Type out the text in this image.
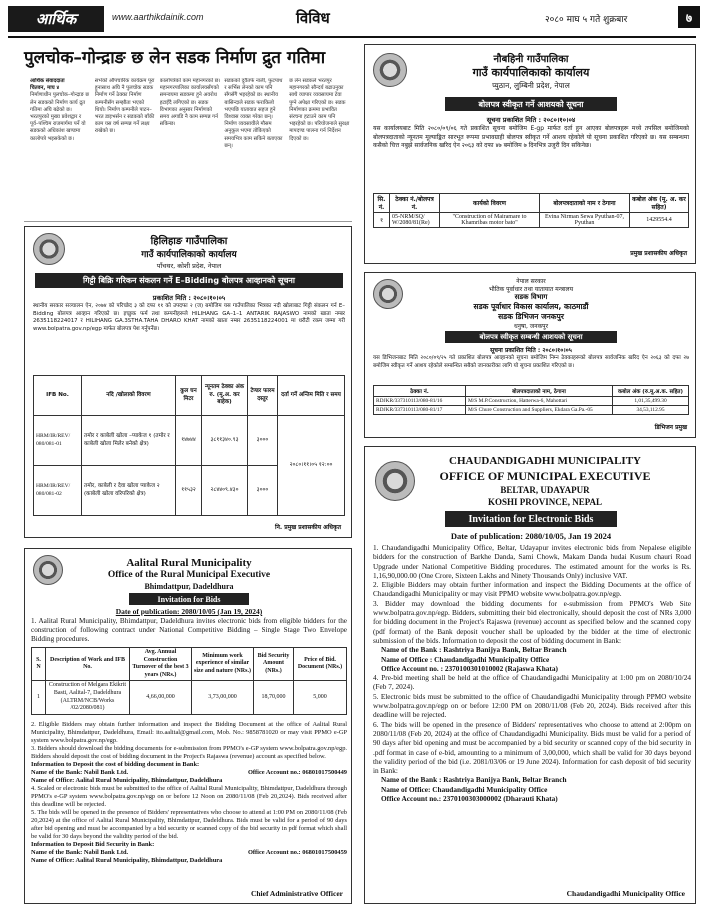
आर्थिक	www.aarthikdainik.com	विविध	२०८० माघ ५ गते शुक्रबार	७
पुलचोक–गोन्द्राङ छ लेन सडक निर्माण द्रुत गतिमा
आर्थिक संवाददाता
चितवन, माघ ४
निर्माणाधीन पुलचोक–गोन्द्राङ छ लेन सडकको निर्माण कार्य द्रुत गतिमा अघि बढेको छ। भरतपुरको मुख्य प्रवेशद्वार र पूर्व–पश्चिम राजमार्गमा पर्ने यो सडकको अधिकांश खण्डमा कालोपत्रे भइसकेको छ।
सर्भेको औपचारिक कार्यक्रम पूरा हुनासाथ अघि नै पुलचोक सडक निर्माण गर्ने ठेक्का निर्माण कम्पनीसँग सम्झौता भएको थियो। निर्माण कम्पनीले पाटन–भरत डाइभर्सन र सडकको बाँकी काम यस वर्ष सम्पन्न गर्ने लक्ष्य राखेको छ।
कालोपत्रेको काम महानगरको छ। महानगरपालिका कार्यालयसँगको समन्वयमा सडकमा हुने अवरोध हटाइँदै लगिएको छ। सडक विभागका अनुसार निर्माणको समय अगाडि नै काम सम्पन्न गर्न सकिन्छ।
सडकको दुवैतर्फ नाली, फुटपाथ र सर्भिस लेनको काम पनि सँगसँगै भइरहेको छ। स्थानीय बासिन्दाले सडक फराकिलो भएपछि यातायात सहज हुने विश्वास व्यक्त गरेका छन्। निर्माण व्यवसायीले मौसम अनुकूल भएमा तोकिएको समयभित्र काम सकिने बताएका छन्।
छ लेन सडकले भरतपुर महानगरको सौन्दर्य बढाउनुका साथै व्यापार व्यवसायमा टेवा पुग्ने अपेक्षा गरिएको छ। सडक निर्माणका क्रममा प्रभावित संरचना हटाउने काम पनि भइरहेको छ। परियोजनाले सुरक्षा मापदण्ड पालना गर्न निर्देशन दिएको छ।
नौबहिनी गाउँपालिका
गाउँ कार्यपालिकाको कार्यालय
प्युठान, लुम्बिनी प्रदेश, नेपाल
बोलपत्र स्वीकृत गर्ने आशयको सूचना
सूचना प्रकाशित मिति : २०८०।१०।०४
यस कार्यालयबाट मिति २०८०/०९/०६ गते प्रकाशित सूचना बमोजिम E-gp मार्फत दर्ता हुन आएका बोलपत्रहरू मध्ये तपसिल बमोजिमको बोलपत्रदाताको न्यूनतम मूल्याङ्कित सारभूत रूपमा प्रभावग्राही बोलपत्र स्वीकृत गर्ने आशय रहेकोले यो सूचना प्रकाशित गरिएको छ। यस सम्बन्धमा कसैको चित्त नबुझे सार्वजनिक खरिद ऐन २०६३ को दफा ४७ बमोजिम ७ दिनभित्र उजुरी दिन सकिनेछ।
सि. नं.	ठेक्का नं./बोलपत्र नं.	कार्यको विवरण	बोलपत्रदाताको नाम र ठेगाना	कबोल अंक (मू. अ. कर सहित)
१	05-NRM/SQ/ W/2080/81(Re)	"Construction of Mairamare to Khamribas motor bato"	Evina Nirman Sewa Pyuthan-07, Pyuthan	1429554.4
प्रमुख प्रशासकीय अधिकृत
हिलिहाङ गाउँपालिका
गाउँ कार्यपालिकाको कार्यालय
पाँचथर, कोशी प्रदेश, नेपाल
गिट्टी बिक्रि गरिकन संकलन गर्ने E–Bidding बोलपत्र आव्हानको सूचना
प्रकाशित मिति : २०८०।१०।०५
स्थानीय सरकार सञ्चालन ऐन, २०७४ को परिच्छेद ३ को दफा ११ को उपदफा २ (ज) बमोजिम यस गाउँपालिका भित्रका नदी खोलाबाट गिट्टी संकलन गर्न E–Bidding बोलपत्र आव्हान गरिएको छ। इच्छुक फर्म तथा कम्पनीहरूले HILIHANG GA–1–1 ANTARIK RAJASWO नामको खाता नम्बर 2635118224017 र HILIHANG GA.3STHA.TAHA DHARO KHAT नामको खाता नम्बर 2635118224001 मा धरौटी रकम जम्मा गरी www.bolpatra.gov.np/egp मार्फत बोलपत्र पेश गर्नुपर्नेछ।
IFB No.	नदि /खोलाको विवरण	कुल घन मिटर	न्यूनतम ठेक्का अंक रु. (मू.अ. कर बाहेक)	टेण्डर फारम दस्तुर	दर्ता गर्ने अन्तिम मिति र समय
HRM/IR/REV/ 080/081-01	तमोर र काबेली खोला –प्याकेज १ (तमोर र काबेली खोला मिलेर बनेको क्षेत्र)	१४७४४	३८११३४०.९३	३०००	२०८०।११।०५ १२:००
HRM/IR/REV/ 080/081-02	तमोर, काबेली र देवा खोला प्याकेज २ (काबेली खोला वरिपरिको क्षेत्र)	११५३२	२८४४०९.४३०	३०००	
नि. प्रमुख प्रशासकीय अधिकृत
नेपाल सरकार
भौतिक पूर्वाधार तथा यातायात मन्त्रालय
सडक विभाग
सडक पूर्वाधार विकास कार्यालय, काठमाडौं
सडक डिभिजन जनकपुर
धनुषा, जनकपुर
बोलपत्र स्वीकृत सम्बन्धी आशयको सूचना
सूचना प्रकाशित मिति : २०८०।१०।०५
यस डिभिजनबाट मिति २०८०/०९/२५ गते प्रकाशित बोलपत्र आव्हानको सूचना बमोजिम निम्न ठेक्काहरूको बोलपत्र सार्वजनिक खरिद ऐन २०६३ को दफा २७ बमोजिम स्वीकृत गर्ने आशय रहेकोले सम्बन्धित सबैको जानकारीका लागि यो सूचना प्रकाशित गरिएको छ।
ठेक्का नं.	बोलपत्रदाताको नाम, ठेगाना	कबोल अंक (रु.मू.अ.क. सहित)
RDJKR/337310113/080-81/16	M/S M.P.Construction, Hatterwa-6, Mahottari	1,01,35,499.30
RDJKR/337310113/080-81/17	M/S Chure Construction and Suppliers, Ekdara Ga.Pa.-05	34,53,112.95
डिभिजन प्रमुख
Aalital Rural Municipality
Office of the Rural Municipal Executive
Bhimdattpur, Dadeldhura
Invitation for Bids
Date of publication: 2080/10/05 (Jan 19, 2024)
1. Aalital Rural Municipality, Bhimdattpur, Dadeldhura invites electronic bids from eligible bidders for the construction of following contract under National Competitive Bidding – Single Stage Two Envelope Bidding procedures.
S. N	Description of Work and IFB No.	Avg. Annual Construction Turnover of the best 3 years (NRs.)	Minimum work experience of similar size and nature (NRs.)	Bid Security Amount (NRs.)	Price of Bid. Document (NRs.)
1	Construction of Melgara Ekikrit Basti, Aalital-7, Dadeldhura (ALTRM/NCB/Works /02/2080/081)	4,66,00,000	3,73,00,000	18,70,000	5,000
2. Eligible Bidders may obtain further information and inspect the Bidding Document at the office of Aalital Rural Municipality, Bhimdattpur, Dadeldhura, Email: ito.aalital@gmail.com, Mob. No.: 9858781020 or may visit PPMO e-GP system www.bolpatra.gov.np/egp.
3. Bidders should download the bidding documents for e-submission from PPMO's e-GP system www.bolpatra.gov.np/egp. Bidders should deposit the cost of bidding document in the Project's Rajaswa (revenue) account as specified below.
Information to Deposit the cost of bidding document in Bank:
Name of the Bank: Nabil Bank Ltd.	Office Account no.: 06801017500449
Name of Office: Aalital Rural Municipality, Bhimdattpur, Dadeldhura
4. Scaled or electronic bids must be submitted to the office of Aalital Rural Municipality, Bhimdattpur, Dadeldhura through PPMO's e-GP system www.bolpatra.gov.np/egp on or before 12 Noon on 2080/11/08 (Feb 20,2024). Bids received after this deadline will be rejected.
5. The bids will be opened in the presence of Bidders' representatives who choose to attend at 1:00 PM on 2080/11/08 (Feb 20,2024) at the office of Aalital Rural Municipality, Bhimdattpur, Dadeldhura. Bids must be valid for a period of 90 days after bid opening and must be accompanied by a bid security or scanned copy of the bid security in pdf format which shall be valid for 30 days beyond the validity period of the bid.
Information to Deposit Bid Security in Bank:
Name of the Bank: Nabil Bank Ltd.	Office Account no.: 06801017500459
Name of Office: Aalital Rural Municipality, Bhimdattpur, Dadeldhura
Chief Administrative Officer
CHAUDANDIGADHI MUNICIPALITY
OFFICE OF MUNICIPAL EXECUTIVE
BELTAR, UDAYAPUR
KOSHI PROVINCE, NEPAL
Invitation for Electronic Bids
Date of publication: 2080/10/05, Jan 19 2024
1. Chaudandigadhi Municipality Office, Beltar, Udayapur invites electronic bids from Nepalese eligible bidders for the construction of Barkhe Danda, Sami Chowk, Makam Danda hudai Kusum chauri Road Upgrade under National Competitive Bidding procedures. The estimated amount for the works is Rs. 1,16,90,000.00 (One Crore, Sixteen Lakhs and Ninety Thousands Only) inclusive VAT.
2. Eligible Bidders may obtain further information and inspect the Bidding Documents at the office of Chaudandigadhi Municipality or may visit PPMO website www.bolpatra.gov.np/egp.
3. Bidder may download the bidding documents for e-submission from PPMO's Web Site www.bolpatra.gov.np/egp. Bidders, submitting their bid electronically, should deposit the cost of NRs 3,000 for bidding document in the Project's Rajaswa (revenue) account as specified below and the scanned copy (pdf format) of the Bank deposit voucher shall be uploaded by the bidder at the time of electronic submission of the bids. Information to deposit the cost of bidding document in Bank:
Name of the Bank : Rashtriya Banijya Bank, Beltar Branch
Name of Office : Chaudandigadhi Municipality Office
Office Account no. : 2370100301010002 (Rajaswa Khata)
4. Pre-bid meeting shall be held at the office of Chaudandigadhi Municipality at 1:00 pm on 2080/10/24 (Feb 7, 2024).
5. Electronic bids must be submitted to the office of Chaudandigadhi Municipality through PPMO website www.bolpatra.gov.np/egp on or before 12:00 PM on 2080/11/08 (Feb 20, 2024). Bids received after this deadline will be rejected.
6. The bids will be opened in the presence of Bidders' representatives who choose to attend at 2:00pm on 2080/11/08 (Feb 20, 2024) at the office of Chaudandigadhi Municipality. Bids must be valid for a period of 90 days after bid opening and must be accompanied by a bid security or scanned copy of the bid security in .pdf format in case of e-bid, amounting to a minimum of 3,00,000, which shall be valid for 30 days beyond the validity period of the bid (i.e. 2081/03/06 or 19 June 2024). Information for cash deposit of bid security in Bank:
Name of the Bank : Rashtriya Banijya Bank, Beltar Branch
Name of Office: Chaudandigadhi Municipality Office
Office Account no.: 2370100303000002 (Dharauti Khata)
Chaudandigadhi Municipality Office
